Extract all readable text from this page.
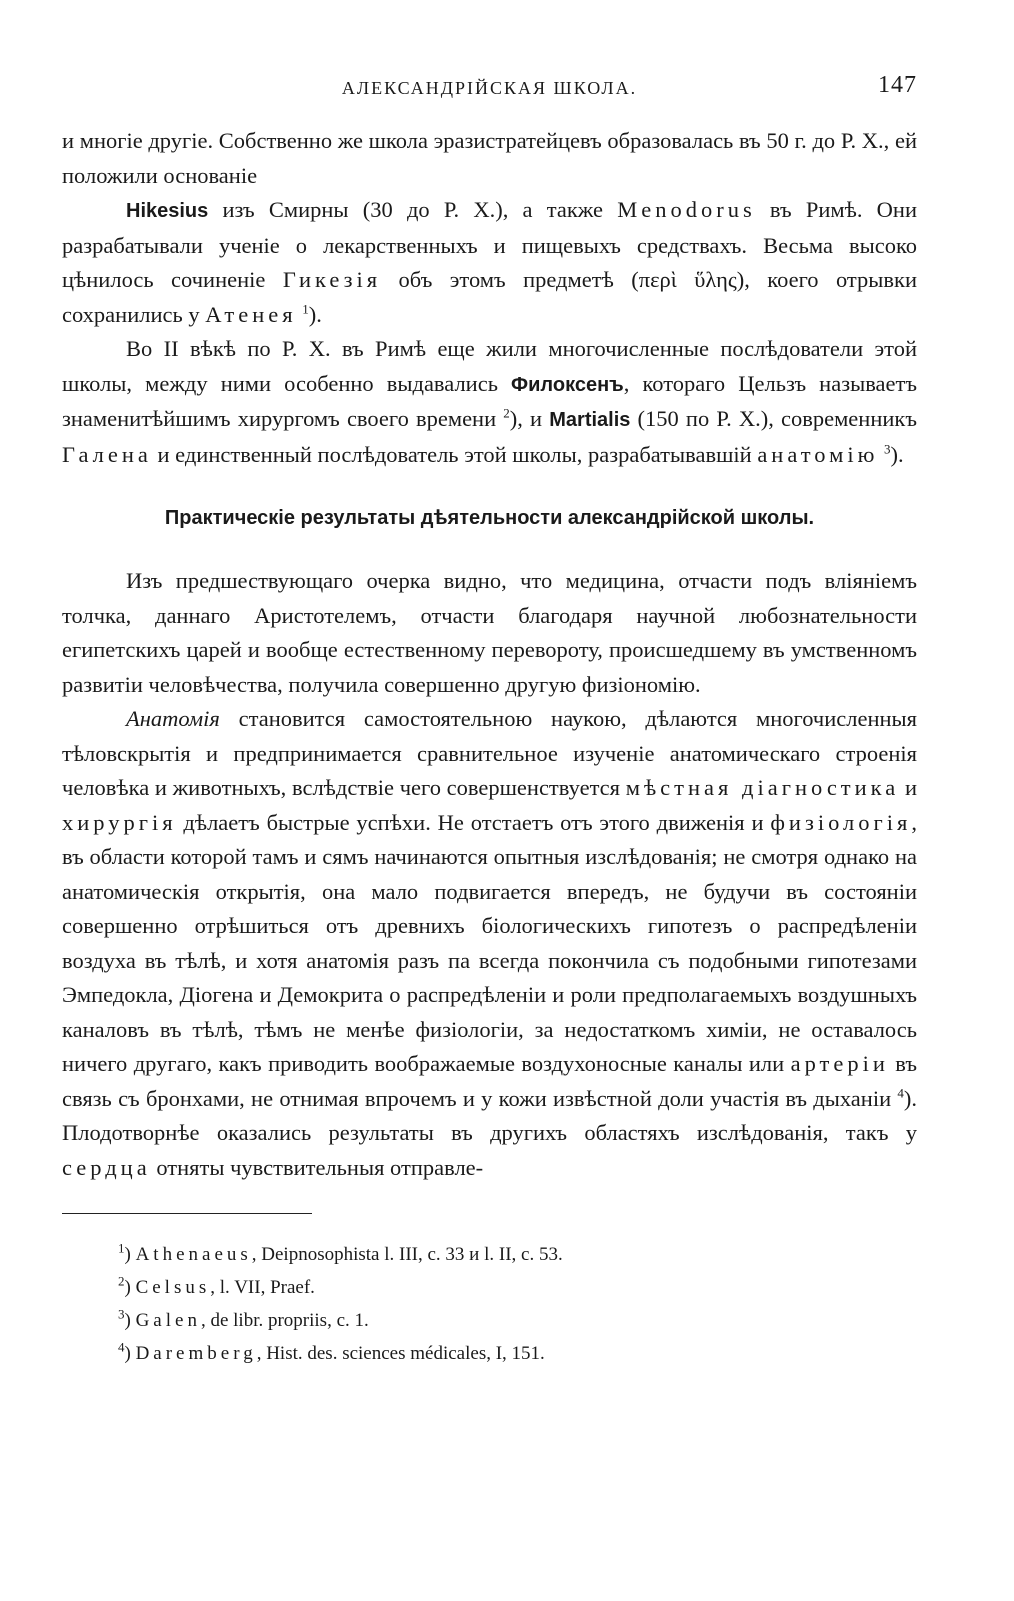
АЛЕКСАНДРІЙСКАЯ ШКОЛА.	147

и многіе другіе. Собственно же школа эразистратейцевъ образовалась въ 50 г. до Р. Х., ей положили основаніе

Hikesius изъ Смирны (30 до Р. Х.), а также Menodorus въ Римѣ. Они разрабатывали ученіе о лекарственныхъ и пищевыхъ средствахъ. Весьма высоко цѣнилось сочиненіе Гикезія объ этомъ предметѣ (περὶ ὕλης), коего отрывки сохранились у Атенея $^1$).

Во II вѣкѣ по Р. Х. въ Римѣ еще жили многочисленные послѣдователи этой школы, между ними особенно выдавались Филоксенъ, которaго Цельзъ называетъ знаменитѣйшимъ хирургомъ своего времени $^2$), и Martialis (150 по Р. Х.), современникъ Галена и единственный послѣдователь этой школы, разрабатывавшій анатомію $^3$).

Практическіе результаты дѣятельности александрійской школы.

Изъ предшествующаго очерка видно, что медицина, отчасти подъ вліяніемъ толчка, даннаго Аристотелемъ, отчасти благодаря научной любознательности египетскихъ царей и вообще естественному перевороту, происшедшему въ умственномъ развитіи человѣчества, получила совершенно другую физіономію.

Анатомія становится самостоятельною наукою, дѣлаются многочисленныя тѣловскрытія и предпринимается сравнительное изученіе анатомическаго строенія человѣка и животныхъ, вслѣдствіе чего совершенствуется мѣстная діагностика и хирургія дѣлаетъ быстрые успѣхи. Не отстаетъ отъ этого движенія и физіологія, въ области которой тамъ и сямъ начинаются опытныя изслѣдованія; не смотря однако на анатомическія открытія, она мало подвигается впередъ, не будучи въ состояніи совершенно отрѣшиться отъ древнихъ біологическихъ гипотезъ о распредѣленіи воздуха въ тѣлѣ, и хотя анатомія разъ па всегда покончила съ подобными гипотезами Эмпедокла, Діогена и Демокрита о распредѣленіи и роли предполагаемыхъ воздушныхъ каналовъ въ тѣлѣ, тѣмъ не менѣе физіологіи, за недостаткомъ химіи, не оставалось ничего другаго, какъ приводить воображаемые воздухоносные каналы или артеріи въ связь съ бронхами, не отнимая впрочемъ и у кожи извѣстной доли участія въ дыханіи $^4$). Плодотворнѣе оказались результаты въ другихъ областяхъ изслѣдованія, такъ у сердца отняты чувствительныя отправле-

$^1$) Athenaeus, Deipnosophista l. III, c. 33 и l. II, c. 53.
$^2$) Celsus, l. VII, Praef.
$^3$) Galen, de libr. propriis, c. 1.
$^4$) Daremberg, Hist. des. sciences médicales, I, 151.
